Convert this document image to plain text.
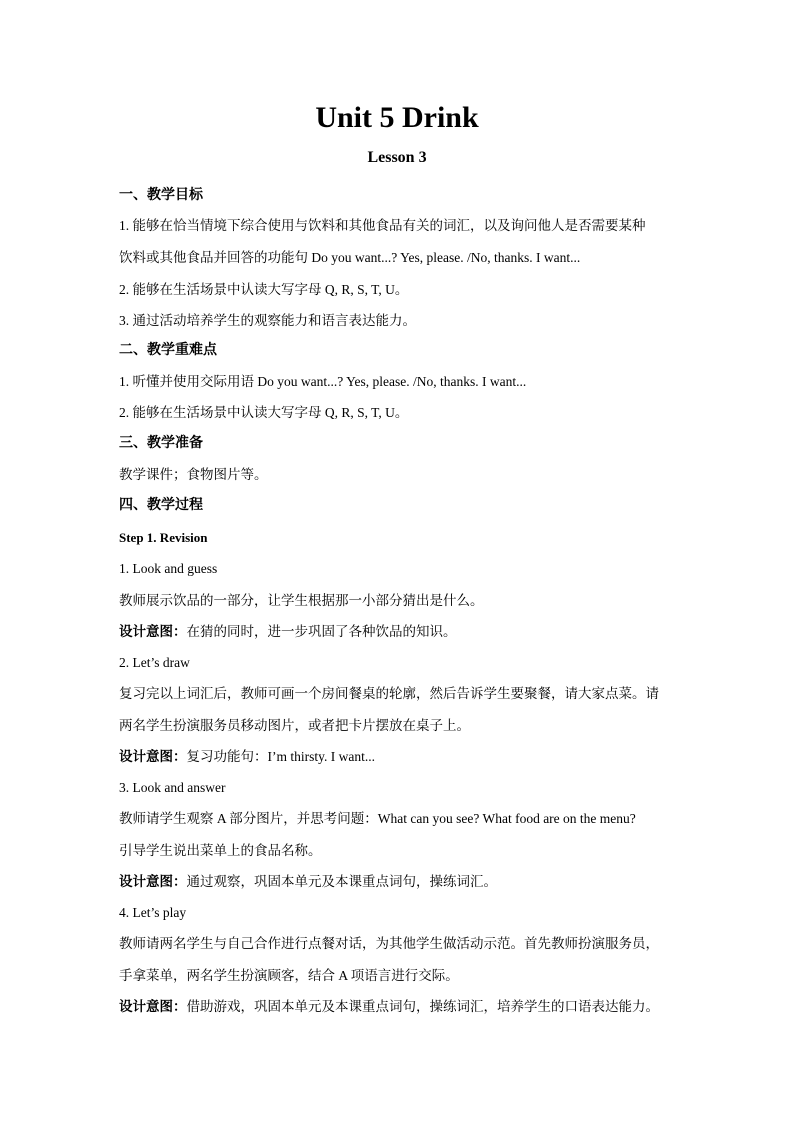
Unit 5 Drink
Lesson 3

一、教学目标

1. 能够在恰当情境下综合使用与饮料和其他食品有关的词汇，以及询问他人是否需要某种

饮料或其他食品并回答的功能句 Do you want...? Yes, please. /No, thanks. I want...

2. 能够在生活场景中认读大写字母 Q, R, S, T, U。

3. 通过活动培养学生的观察能力和语言表达能力。

二、教学重难点

1. 听懂并使用交际用语 Do you want...? Yes, please. /No, thanks. I want...

2. 能够在生活场景中认读大写字母 Q, R, S, T, U。

三、教学准备

教学课件；食物图片等。

四、教学过程

Step 1. Revision

1. Look and guess

教师展示饮品的一部分，让学生根据那一小部分猜出是什么。

设计意图：在猜的同时，进一步巩固了各种饮品的知识。

2. Let’s draw

复习完以上词汇后，教师可画一个房间餐桌的轮廓，然后告诉学生要聚餐，请大家点菜。请

两名学生扮演服务员移动图片，或者把卡片摆放在桌子上。

设计意图：复习功能句：I’m thirsty. I want...

3. Look and answer

教师请学生观察 A 部分图片，并思考问题：What can you see? What food are on the menu?

引导学生说出菜单上的食品名称。

设计意图：通过观察，巩固本单元及本课重点词句，操练词汇。

4. Let’s play

教师请两名学生与自己合作进行点餐对话，为其他学生做活动示范。首先教师扮演服务员，

手拿菜单，两名学生扮演顾客，结合 A 项语言进行交际。

设计意图：借助游戏，巩固本单元及本课重点词句，操练词汇，培养学生的口语表达能力。
